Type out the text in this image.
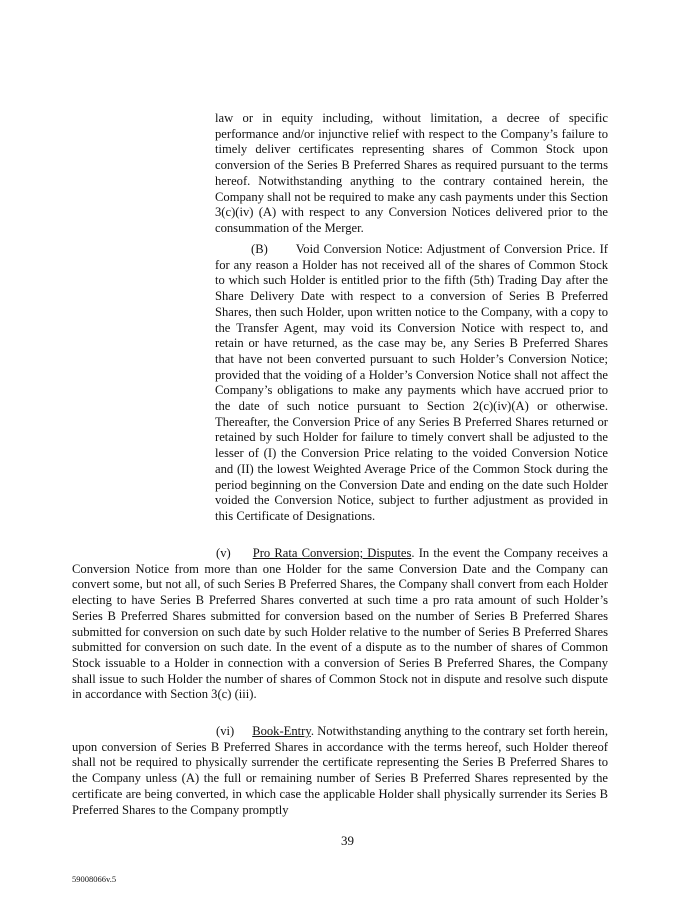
law or in equity including, without limitation, a decree of specific performance and/or injunctive relief with respect to the Company’s failure to timely deliver certificates representing shares of Common Stock upon conversion of the Series B Preferred Shares as required pursuant to the terms hereof. Notwithstanding anything to the contrary contained herein, the Company shall not be required to make any cash payments under this Section 3(c)(iv) (A) with respect to any Conversion Notices delivered prior to the consummation of the Merger.

(B) Void Conversion Notice: Adjustment of Conversion Price. If for any reason a Holder has not received all of the shares of Common Stock to which such Holder is entitled prior to the fifth (5th) Trading Day after the Share Delivery Date with respect to a conversion of Series B Preferred Shares, then such Holder, upon written notice to the Company, with a copy to the Transfer Agent, may void its Conversion Notice with respect to, and retain or have returned, as the case may be, any Series B Preferred Shares that have not been converted pursuant to such Holder’s Conversion Notice; provided that the voiding of a Holder’s Conversion Notice shall not affect the Company’s obligations to make any payments which have accrued prior to the date of such notice pursuant to Section 2(c)(iv)(A) or otherwise. Thereafter, the Conversion Price of any Series B Preferred Shares returned or retained by such Holder for failure to timely convert shall be adjusted to the lesser of (I) the Conversion Price relating to the voided Conversion Notice and (II) the lowest Weighted Average Price of the Common Stock during the period beginning on the Conversion Date and ending on the date such Holder voided the Conversion Notice, subject to further adjustment as provided in this Certificate of Designations.

(v) Pro Rata Conversion; Disputes. In the event the Company receives a Conversion Notice from more than one Holder for the same Conversion Date and the Company can convert some, but not all, of such Series B Preferred Shares, the Company shall convert from each Holder electing to have Series B Preferred Shares converted at such time a pro rata amount of such Holder’s Series B Preferred Shares submitted for conversion based on the number of Series B Preferred Shares submitted for conversion on such date by such Holder relative to the number of Series B Preferred Shares submitted for conversion on such date. In the event of a dispute as to the number of shares of Common Stock issuable to a Holder in connection with a conversion of Series B Preferred Shares, the Company shall issue to such Holder the number of shares of Common Stock not in dispute and resolve such dispute in accordance with Section 3(c) (iii).

(vi) Book-Entry. Notwithstanding anything to the contrary set forth herein, upon conversion of Series B Preferred Shares in accordance with the terms hereof, such Holder thereof shall not be required to physically surrender the certificate representing the Series B Preferred Shares to the Company unless (A) the full or remaining number of Series B Preferred Shares represented by the certificate are being converted, in which case the applicable Holder shall physically surrender its Series B Preferred Shares to the Company promptly

39

59008066v.5
